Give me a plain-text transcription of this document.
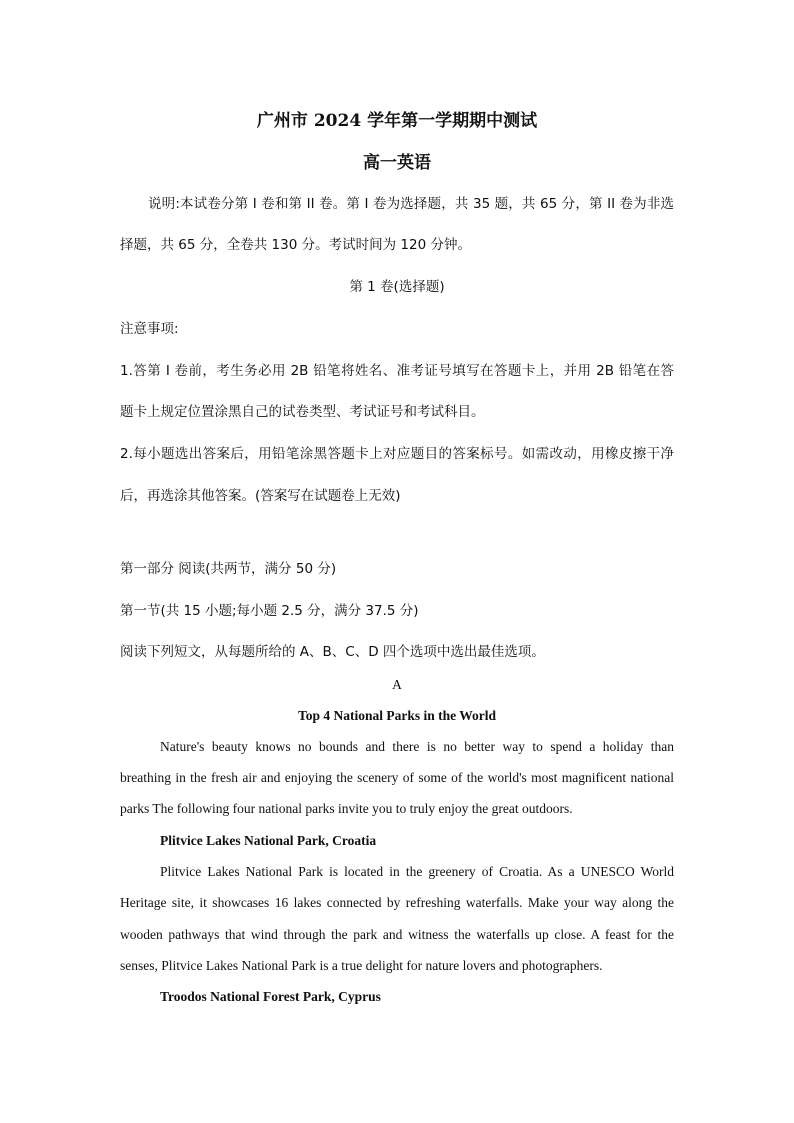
广州市 2024 学年第一学期期中测试
高一英语
说明:本试卷分第 I 卷和第 II 卷。第 I 卷为选择题，共 35 题，共 65 分，第 II 卷为非选
择题，共 65 分，全卷共 130 分。考试时间为 120 分钟。
第 1 卷(选择题)
注意事项:
1.答第 I 卷前，考生务必用 2B 铅笔将姓名、准考证号填写在答题卡上，并用 2B 铅笔在答
题卡上规定位置涂黑自己的试卷类型、考试证号和考试科目。
2.每小题选出答案后，用铅笔涂黑答题卡上对应题目的答案标号。如需改动，用橡皮擦干净
后，再选涂其他答案。(答案写在试题卷上无效)
第一部分 阅读(共两节，满分 50 分)
第一节(共 15 小题;每小题 2.5 分，满分 37.5 分)
阅读下列短文，从每题所给的 A、B、C、D 四个选项中选出最佳选项。
A
Top 4 National Parks in the World
Nature's beauty knows no bounds and there is no better way to spend a holiday than
breathing in the fresh air and enjoying the scenery of some of the world's most magnificent national
parks The following four national parks invite you to truly enjoy the great outdoors.
Plitvice Lakes National Park, Croatia
Plitvice Lakes National Park is located in the greenery of Croatia. As a UNESCO World
Heritage site, it showcases 16 lakes connected by refreshing waterfalls. Make your way along the
wooden pathways that wind through the park and witness the waterfalls up close. A feast for the
senses, Plitvice Lakes National Park is a true delight for nature lovers and photographers.
Troodos National Forest Park, Cyprus
